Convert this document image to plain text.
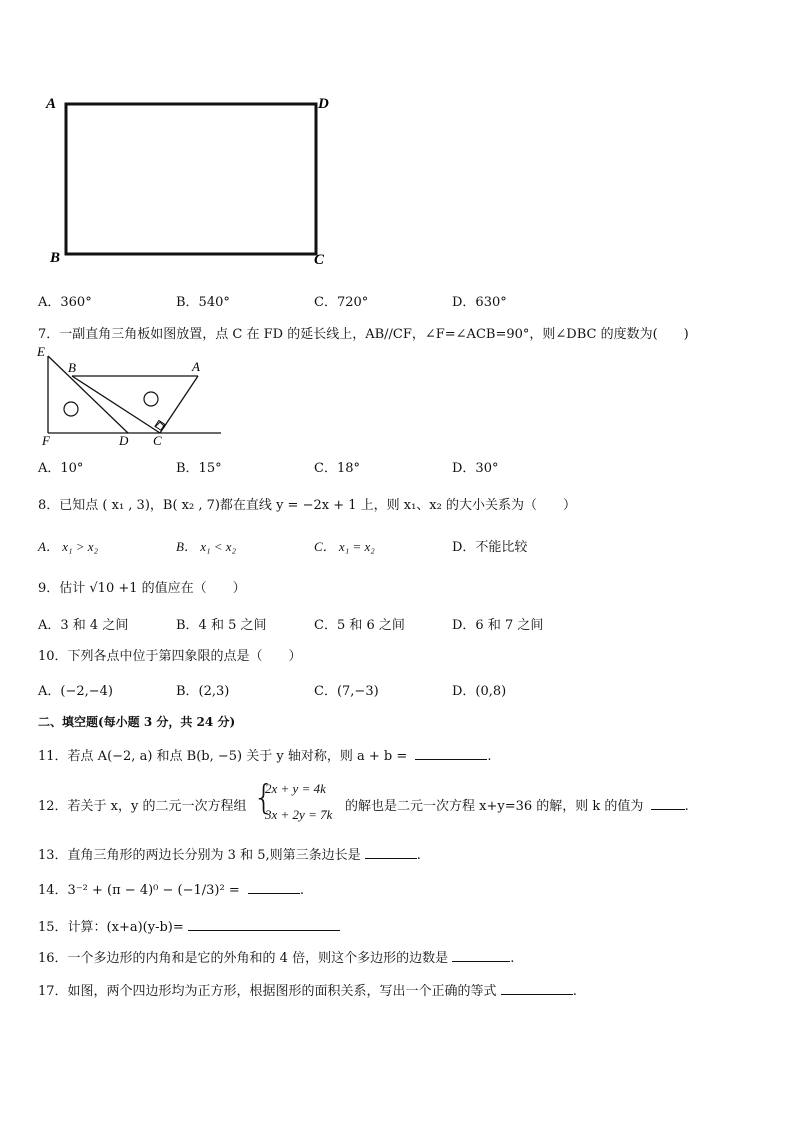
A	D
B	C
A．360°	B．540°	C．720°	D．630°
7．一副直角三角板如图放置，点 C 在 FD 的延长线上，AB//CF，∠F=∠ACB=90°，则∠DBC 的度数为(　　)
E
B	A
F	D C
A．10°	B．15°	C．18°	D．30°
8．已知点 ( x₁ , 3)，B( x₂ , 7)都在直线 y = −2x + 1 上，则 x₁、x₂ 的大小关系为（　　）
A． x₁ > x₂	B． x₁ < x₂	C． x₁ = x₂	D．不能比较
9．估计 √10 +1 的值应在（　　）
A．3 和 4 之间	B．4 和 5 之间	C．5 和 6 之间	D．6 和 7 之间
10．下列各点中位于第四象限的点是（　　）
A．(−2,−4)	B．(2,3)	C．(7,−3)	D．(0,8)
二、填空题(每小题 3 分，共 24 分)
11．若点 A(−2, a) 和点 B(b, −5) 关于 y 轴对称，则 a + b =	.
12．若关于 x，y 的二元一次方程组 {
2x + y = 4k
3x + 2y = 7k
的解也是二元一次方程 x+y=36 的解，则 k 的值为	.
13．直角三角形的两边长分别为 3 和 5,则第三条边长是	.
14．3⁻² + (π − 4)⁰ − (−1/3)² =	.
15．计算：(x+a)(y-b)=
16．一个多边形的内角和是它的外角和的 4 倍，则这个多边形的边数是	.
17．如图，两个四边形均为正方形，根据图形的面积关系，写出一个正确的等式	.
